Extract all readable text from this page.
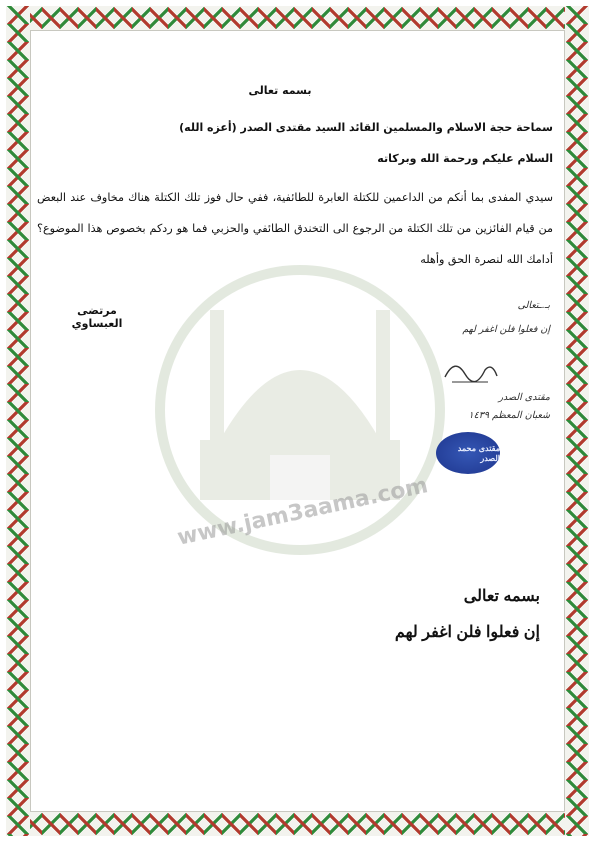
www.jam3aama.com
بسمه تعالى
سماحة حجة الاسلام والمسلمين القائد السيد مقتدى الصدر (أعزه الله)
السلام عليكم ورحمة الله وبركاته
سيدي المفدى بما أنكم من الداعمين للكتلة العابرة للطائفية، ففي حال فوز تلك الكتلة هناك مخاوف عند البعض من قيام الفائزين من تلك الكتلة من الرجوع الى التخندق الطائفي والحزبي فما هو ردكم بخصوص هذا الموضوع؟ أدامك الله لنصرة الحق وأهله
مرتضى العبساوي
بـ.ـتعالى
إن فعلوا فلن اغفر لهم
مقتدى الصدر
شعبان المعظم ١٤٣٩
مقتدى محمد الصدر
بسمه تعالى
إن فعلوا فلن اغفر لهم
